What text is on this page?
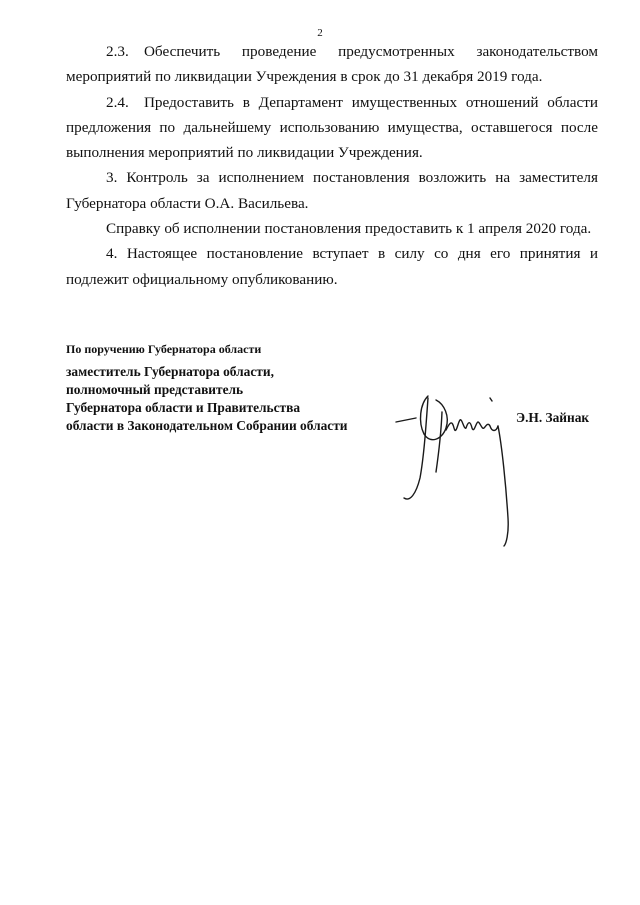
2

2.3. Обеспечить проведение предусмотренных законодательством мероприятий по ликвидации Учреждения в срок до 31 декабря 2019 года.

2.4. Предоставить в Департамент имущественных отношений области предложения по дальнейшему использованию имущества, оставшегося после выполнения мероприятий по ликвидации Учреждения.

3. Контроль за исполнением постановления возложить на заместителя Губернатора области О.А. Васильева.

Справку об исполнении постановления предоставить к 1 апреля 2020 года.

4. Настоящее постановление вступает в силу со дня его принятия и подлежит официальному опубликованию.

По поручению Губернатора области
заместитель Губернатора области,
полномочный представитель
Губернатора области и Правительства
области в Законодательном Собрании области
Э.Н. Зайнак
